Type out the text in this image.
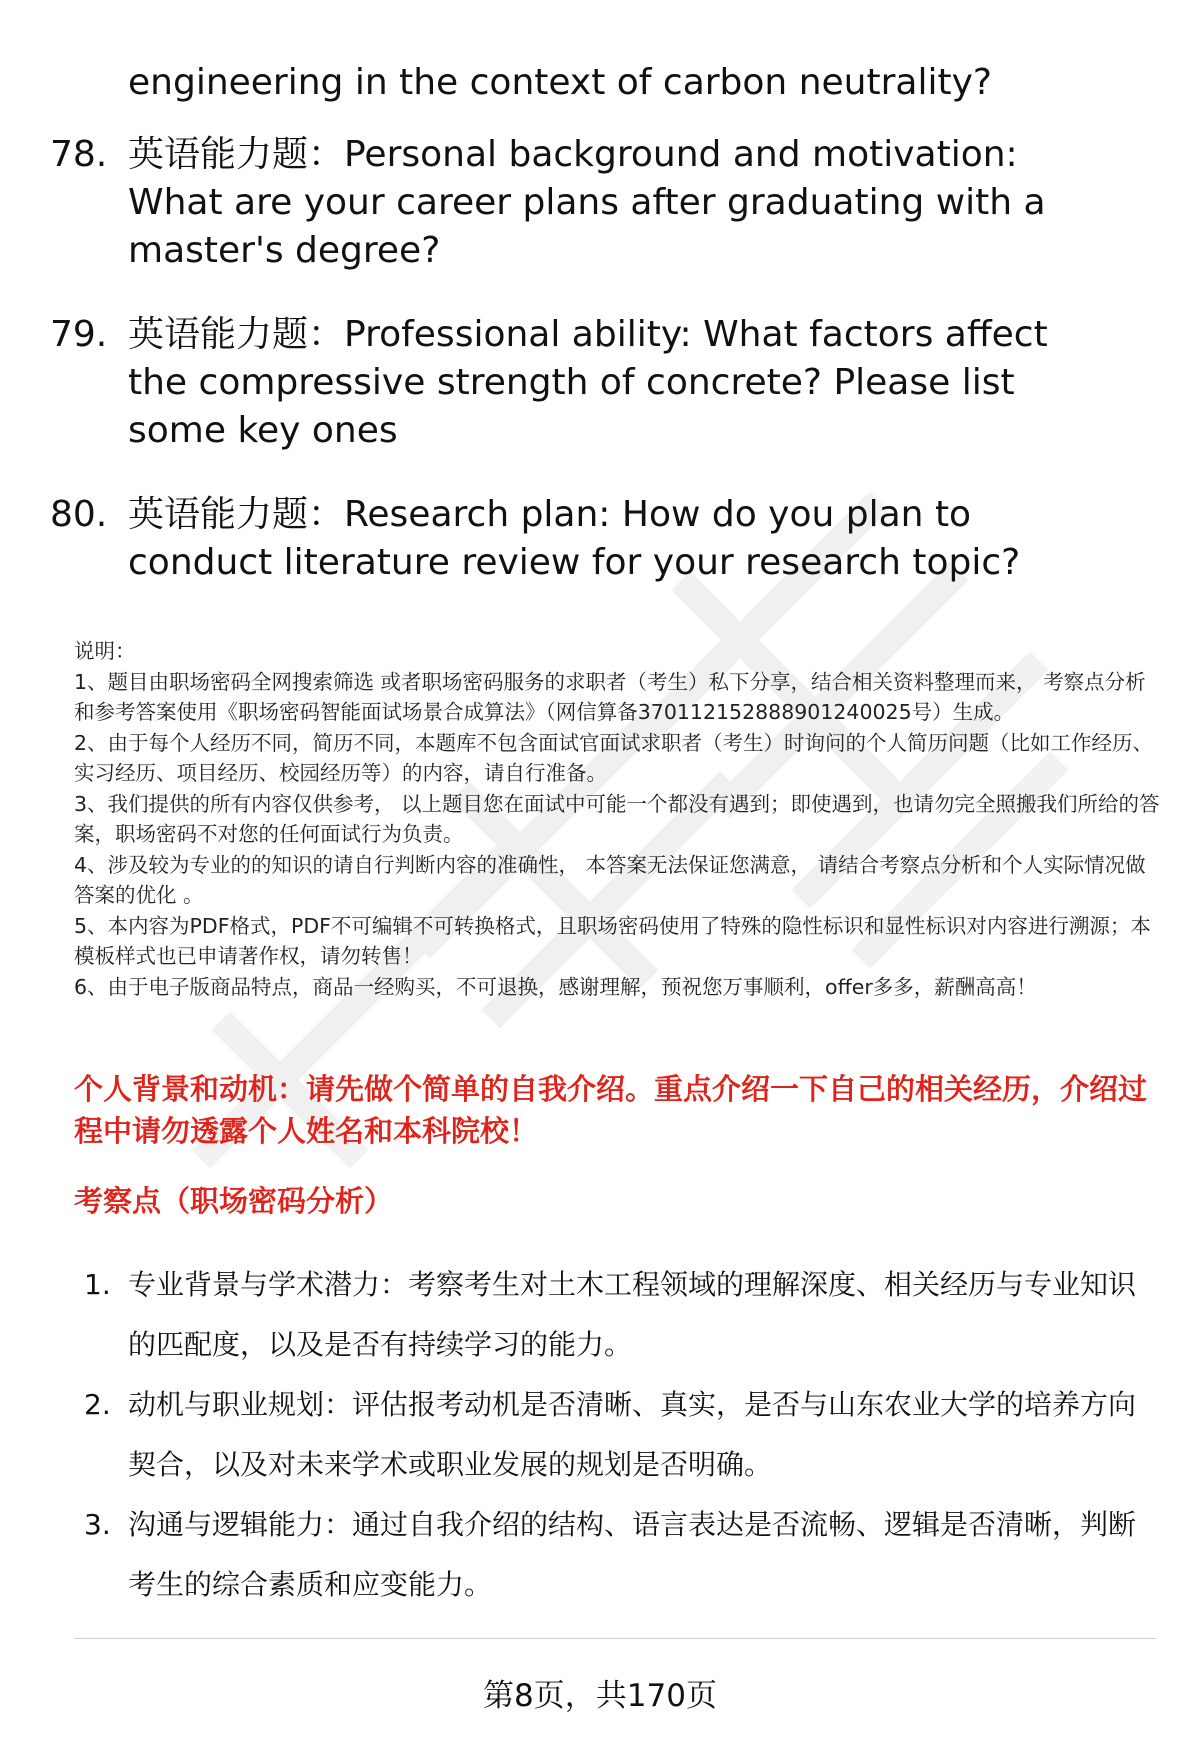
engineering in the context of carbon neutrality?
78. 英语能力题：Personal background and motivation: What are your career plans after graduating with a master's degree?
79. 英语能力题：Professional ability: What factors affect the compressive strength of concrete? Please list some key ones
80. 英语能力题：Research plan: How do you plan to conduct literature review for your research topic?

说明：

1、题目由职场密码全网搜索筛选 或者职场密码服务的求职者（考生）私下分享，结合相关资料整理而来， 考察点分析和参考答案使用《职场密码智能面试场景合成算法》（网信算备370112152888901240025号）生成。

2、由于每个人经历不同，简历不同，本题库不包含面试官面试求职者（考生）时询问的个人简历问题（比如工作经历、实习经历、项目经历、校园经历等）的内容，请自行准备。

3、我们提供的所有内容仅供参考， 以上题目您在面试中可能一个都没有遇到；即使遇到，也请勿完全照搬我们所给的答案，职场密码不对您的任何面试行为负责。

4、涉及较为专业的的知识的请自行判断内容的准确性， 本答案无法保证您满意， 请结合考察点分析和个人实际情况做答案的优化 。

5、本内容为PDF格式，PDF不可编辑不可转换格式，且职场密码使用了特殊的隐性标识和显性标识对内容进行溯源；本模板样式也已申请著作权，请勿转售！

6、由于电子版商品特点，商品一经购买，不可退换，感谢理解，预祝您万事顺利，offer多多，薪酬高高！

个人背景和动机：请先做个简单的自我介绍。重点介绍一下自己的相关经历，介绍过程中请勿透露个人姓名和本科院校！
考察点（职场密码分析）
1. 专业背景与学术潜力：考察考生对土木工程领域的理解深度、相关经历与专业知识的匹配度，以及是否有持续学习的能力。
2. 动机与职业规划：评估报考动机是否清晰、真实，是否与山东农业大学的培养方向契合，以及对未来学术或职业发展的规划是否明确。
3. 沟通与逻辑能力：通过自我介绍的结构、语言表达是否流畅、逻辑是否清晰，判断考生的综合素质和应变能力。
第8页，共170页
